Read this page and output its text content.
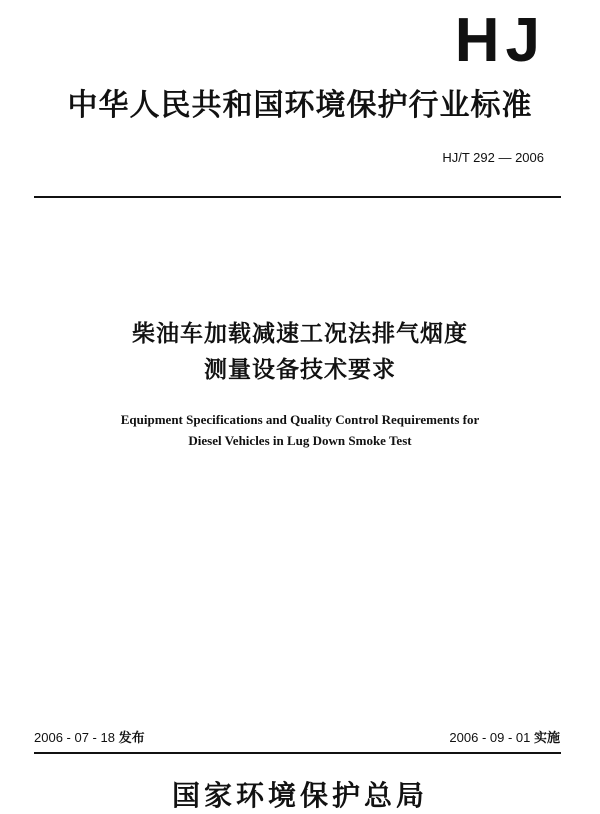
HJ
中华人民共和国环境保护行业标准
HJ/T 292 — 2006
柴油车加载减速工况法排气烟度
测量设备技术要求
Equipment Specifications and Quality Control Requirements for
Diesel Vehicles in Lug Down Smoke Test
2006 - 07 - 18 发布	2006 - 09 - 01 实施
国家环境保护总局
